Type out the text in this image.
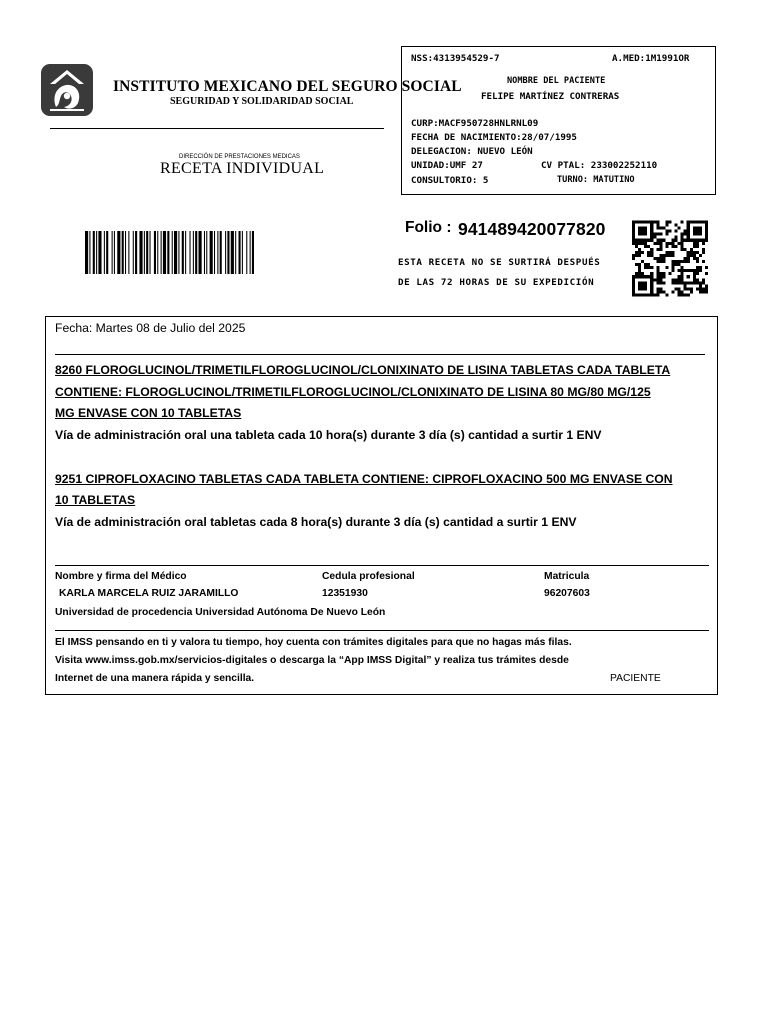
INSTITUTO MEXICANO DEL SEGURO SOCIAL
SEGURIDAD Y SOLIDARIDAD SOCIAL
DIRECCIÓN DE PRESTACIONES MEDICAS
RECETA INDIVIDUAL
NSS:4313954529-7	A.MED:1M1991OR
NOMBRE DEL PACIENTE
FELIPE MARTÍNEZ CONTRERAS
CURP:MACF950728HNLRNL09
FECHA DE NACIMIENTO:28/07/1995
DELEGACION: NUEVO LEÓN
UNIDAD:UMF 27	CV PTAL: 233002252110
CONSULTORIO: 5	TURNO: MATUTINO
Folio : 941489420077820
ESTA RECETA NO SE SURTIRÁ DESPUÉS
DE LAS 72 HORAS DE SU EXPEDICIÓN
Fecha: Martes 08 de Julio del 2025
8260 FLOROGLUCINOL/TRIMETILFLOROGLUCINOL/CLONIXINATO DE LISINA TABLETAS CADA TABLETA
CONTIENE: FLOROGLUCINOL/TRIMETILFLOROGLUCINOL/CLONIXINATO DE LISINA 80 MG/80 MG/125
MG ENVASE CON 10 TABLETAS
Vía de administración oral una tableta cada 10 hora(s) durante 3 día (s) cantidad a surtir 1 ENV
9251 CIPROFLOXACINO TABLETAS CADA TABLETA CONTIENE: CIPROFLOXACINO 500 MG ENVASE CON
10 TABLETAS
Vía de administración oral tabletas cada 8 hora(s) durante 3 día (s) cantidad a surtir 1 ENV
Nombre y firma del Médico	Cedula profesional	Matricula
KARLA MARCELA RUIZ JARAMILLO	12351930	96207603
Universidad de procedencia Universidad Autónoma De Nuevo León
El IMSS pensando en ti y valora tu tiempo, hoy cuenta con trámites digitales para que no hagas más filas.
Visita www.imss.gob.mx/servicios-digitales o descarga la “App IMSS Digital” y realiza tus trámites desde
Internet de una manera rápida y sencilla.	PACIENTE
